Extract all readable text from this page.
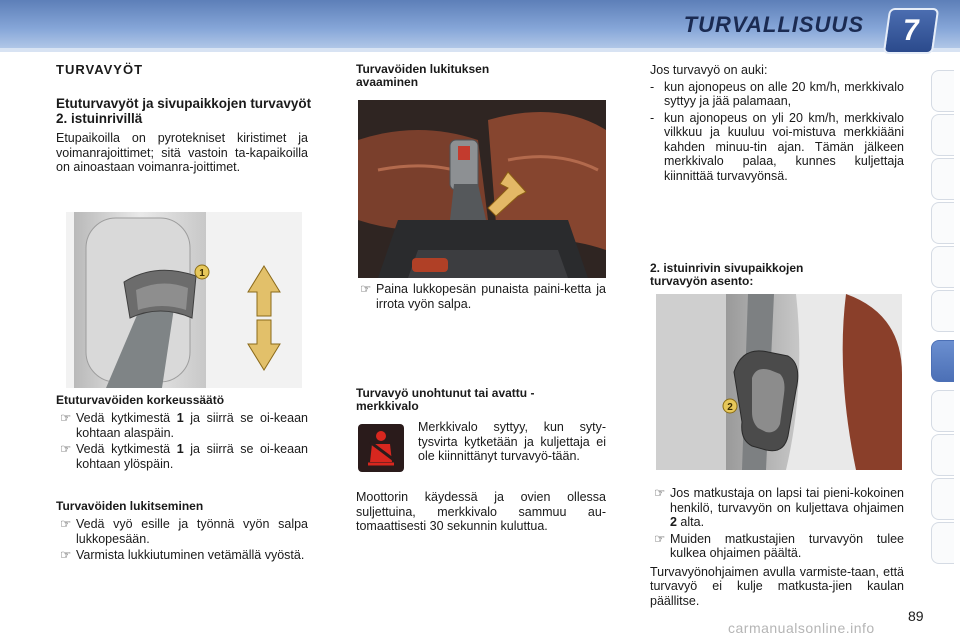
TURVALLISUUS	7
TURVAVYÖT
Etuturvavyöt ja sivupaikkojen turvavyöt 2. istuinrivillä

Etupaikoilla on pyrotekniset kiristimet ja voimanrajoittimet; sitä vastoin ta-kapaikoilla on ainoastaan voimanra-joittimet.

1

Etuturvavöiden korkeussäätö

☞ Vedä kytkimestä 1 ja siirrä se oi-keaan kohtaan alaspäin.

☞ Vedä kytkimestä 1 ja siirrä se oi-keaan kohtaan ylöspäin.

Turvavöiden lukitseminen

☞ Vedä vyö esille ja työnnä vyön salpa lukkopesään.

☞ Varmista lukkiutuminen vetämällä vyöstä.

Turvavöiden lukituksen avaaminen

☞ Paina lukkopesän punaista paini-ketta ja irrota vyön salpa.

Turvavyö unohtunut tai avattu -merkkivalo

Merkkivalo syttyy, kun syty-tysvirta kytketään ja kuljettaja ei ole kiinnittänyt turvavyö-tään.

Moottorin käydessä ja ovien ollessa suljettuina, merkkivalo sammuu au-tomaattisesti 30 sekunnin kuluttua.

Jos turvavyö on auki:

- kun ajonopeus on alle 20 km/h, merkkivalo syttyy ja jää palamaan,

- kun ajonopeus on yli 20 km/h, merkkivalo vilkkuu ja kuuluu voi-mistuva merkkiääni kahden minuu-tin ajan. Tämän jälkeen merkkivalo palaa, kunnes kuljettaja kiinnittää turvavyönsä.

2. istuinrivin sivupaikkojen turvavyön asento:

2

☞ Jos matkustaja on lapsi tai pieni-kokoinen henkilö, turvavyön on kuljettava ohjaimen 2 alta.

☞ Muiden matkustajien turvavyön tulee kulkea ohjaimen päältä.

Turvavyönohjaimen avulla varmiste-taan, että turvavyö ei kulje matkusta-jien kaulan päällitse.

89
carmanualsonline.info
